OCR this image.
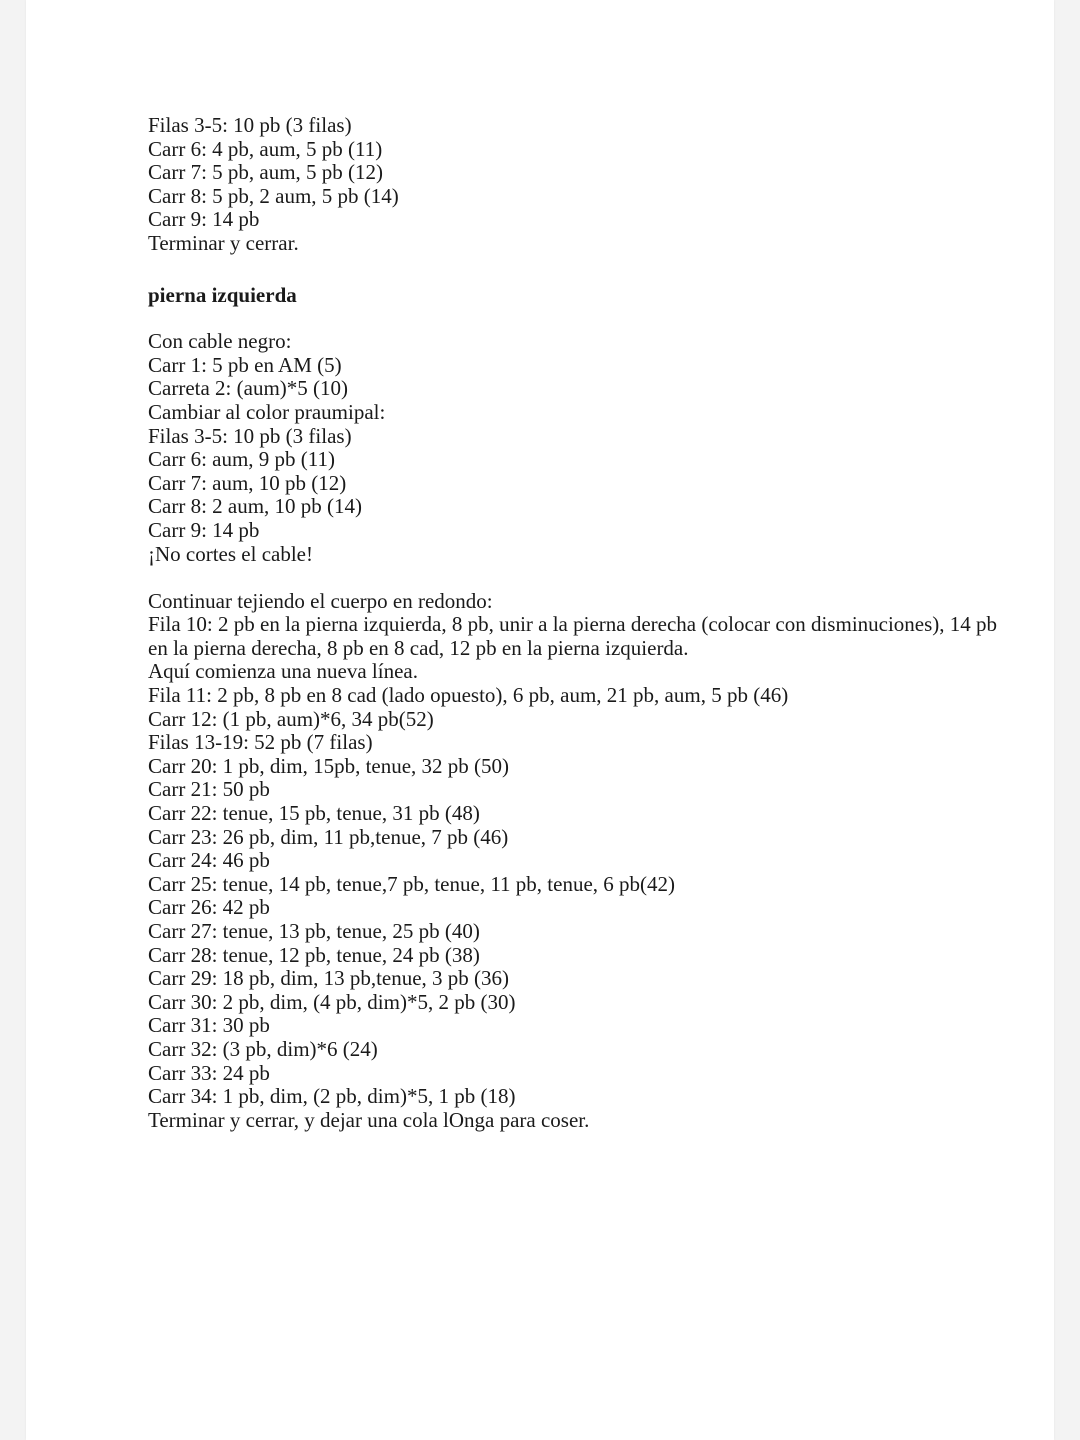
Filas 3-5: 10 pb (3 filas)
Carr 6: 4 pb, aum, 5 pb (11)
Carr 7: 5 pb, aum, 5 pb (12)
Carr 8: 5 pb, 2 aum, 5 pb (14)
Carr 9: 14 pb
Terminar y cerrar.
pierna izquierda
Con cable negro:
Carr 1: 5 pb en AM (5)
Carreta 2: (aum)*5 (10)
Cambiar al color praumipal:
Filas 3-5: 10 pb (3 filas)
Carr 6: aum, 9 pb (11)
Carr 7: aum, 10 pb (12)
Carr 8: 2 aum, 10 pb (14)
Carr 9: 14 pb
¡No cortes el cable!
Continuar tejiendo el cuerpo en redondo:
Fila 10: 2 pb en la pierna izquierda, 8 pb, unir a la pierna derecha (colocar con disminuciones), 14 pb en la pierna derecha, 8 pb en 8 cad, 12 pb en la pierna izquierda.
Aquí comienza una nueva línea.
Fila 11: 2 pb, 8 pb en 8 cad (lado opuesto), 6 pb, aum, 21 pb, aum, 5 pb (46)
Carr 12: (1 pb, aum)*6, 34 pb(52)
Filas 13-19: 52 pb (7 filas)
Carr 20: 1 pb, dim, 15pb, tenue, 32 pb (50)
Carr 21: 50 pb
Carr 22: tenue, 15 pb, tenue, 31 pb (48)
Carr 23: 26 pb, dim, 11 pb,tenue, 7 pb (46)
Carr 24: 46 pb
Carr 25: tenue, 14 pb, tenue,7 pb, tenue, 11 pb, tenue, 6 pb(42)
Carr 26: 42 pb
Carr 27: tenue, 13 pb, tenue, 25 pb (40)
Carr 28: tenue, 12 pb, tenue, 24 pb (38)
Carr 29: 18 pb, dim, 13 pb,tenue, 3 pb (36)
Carr 30: 2 pb, dim, (4 pb, dim)*5, 2 pb (30)
Carr 31: 30 pb
Carr 32: (3 pb, dim)*6 (24)
Carr 33: 24 pb
Carr 34: 1 pb, dim, (2 pb, dim)*5, 1 pb (18)
Terminar y cerrar, y dejar una cola lOnga para coser.
